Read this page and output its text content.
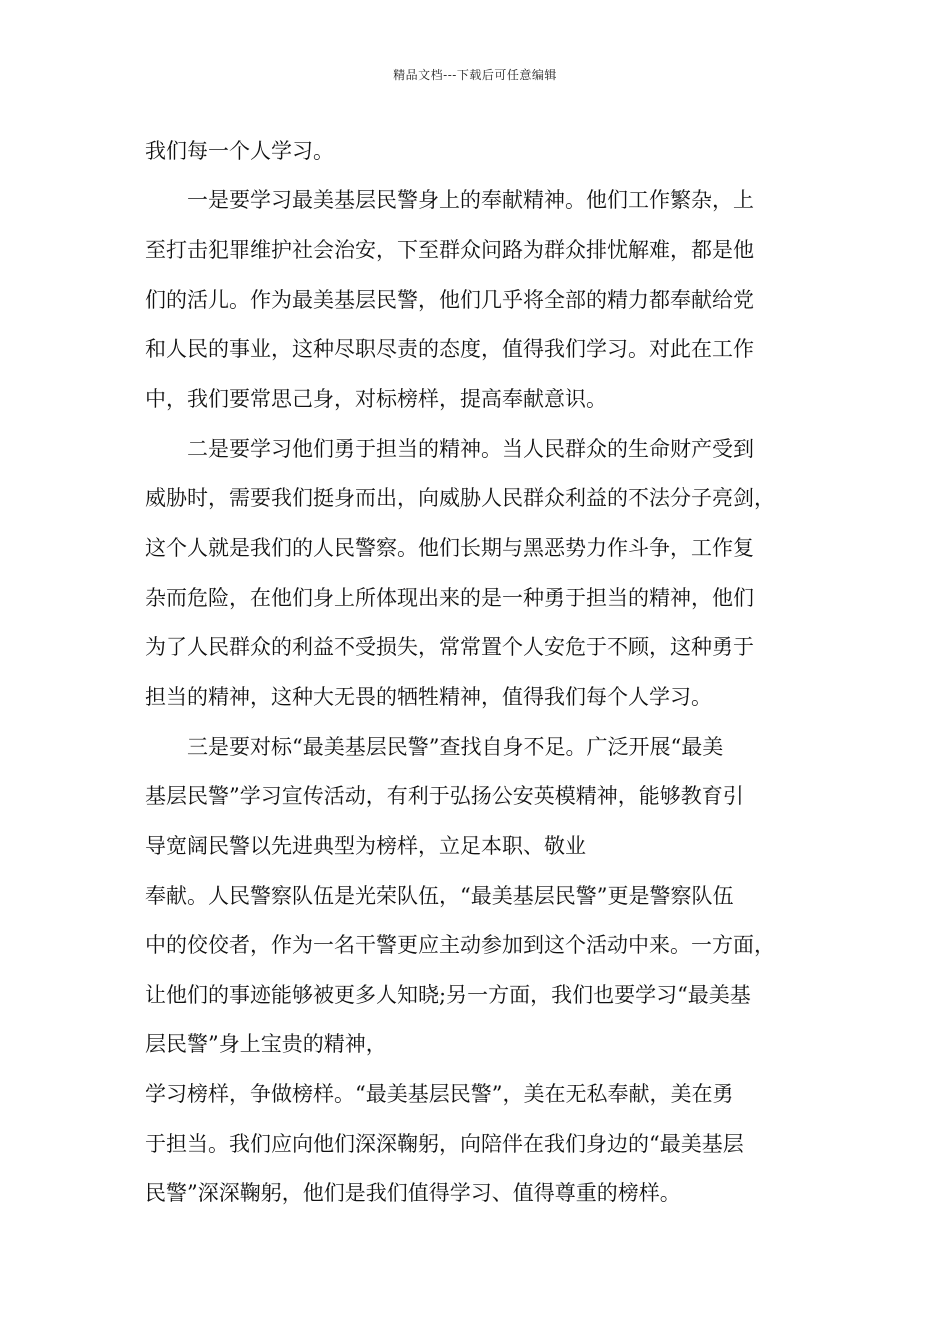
精品文档---下载后可任意编辑

我们每一个人学习。

　　一是要学习最美基层民警身上的奉献精神。他们工作繁杂，上

至打击犯罪维护社会治安，下至群众问路为群众排忧解难，都是他

们的活儿。作为最美基层民警，他们几乎将全部的精力都奉献给党

和人民的事业，这种尽职尽责的态度，值得我们学习。对此在工作

中，我们要常思己身，对标榜样，提高奉献意识。

　　二是要学习他们勇于担当的精神。当人民群众的生命财产受到

威胁时，需要我们挺身而出，向威胁人民群众利益的不法分子亮剑，

这个人就是我们的人民警察。他们长期与黑恶势力作斗争，工作复

杂而危险，在他们身上所体现出来的是一种勇于担当的精神，他们

为了人民群众的利益不受损失，常常置个人安危于不顾，这种勇于

担当的精神，这种大无畏的牺牲精神，值得我们每个人学习。

　　三是要对标“最美基层民警”查找自身不足。广泛开展“最美

基层民警”学习宣传活动，有利于弘扬公安英模精神，能够教育引

导宽阔民警以先进典型为榜样，立足本职、敬业

奉献。人民警察队伍是光荣队伍，“最美基层民警”更是警察队伍

中的佼佼者，作为一名干警更应主动参加到这个活动中来。一方面，

让他们的事迹能够被更多人知晓;另一方面，我们也要学习“最美基

层民警”身上宝贵的精神，

学习榜样，争做榜样。“最美基层民警”，美在无私奉献，美在勇

于担当。我们应向他们深深鞠躬，向陪伴在我们身边的“最美基层

民警”深深鞠躬，他们是我们值得学习、值得尊重的榜样。
